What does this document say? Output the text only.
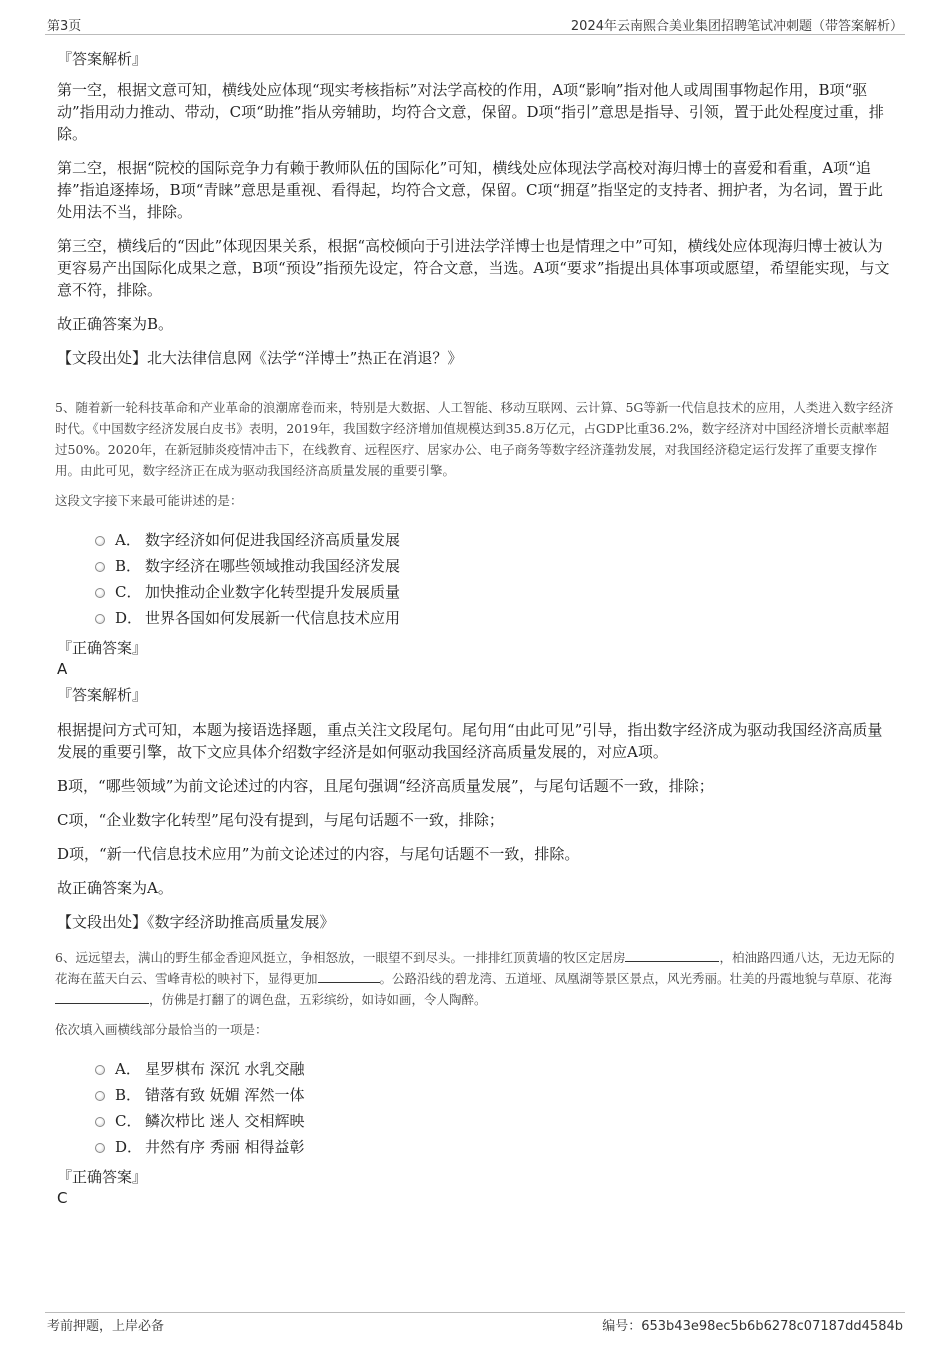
第3页	2024年云南熙合美业集团招聘笔试冲刺题（带答案解析）
『答案解析』
第一空，根据文意可知，横线处应体现“现实考核指标”对法学高校的作用，A项“影响”指对他人或周围事物起作用，B项“驱动”指用动力推动、带动，C项“助推”指从旁辅助，均符合文意，保留。D项“指引”意思是指导、引领，置于此处程度过重，排除。
第二空，根据“院校的国际竞争力有赖于教师队伍的国际化”可知，横线处应体现法学高校对海归博士的喜爱和看重，A项“追捧”指追逐捧场，B项“青睐”意思是重视、看得起，均符合文意，保留。C项“拥趸”指坚定的支持者、拥护者，为名词，置于此处用法不当，排除。
第三空，横线后的“因此”体现因果关系，根据“高校倾向于引进法学洋博士也是情理之中”可知，横线处应体现海归博士被认为更容易产出国际化成果之意，B项“预设”指预先设定，符合文意，当选。A项“要求”指提出具体事项或愿望，希望能实现，与文意不符，排除。
故正确答案为B。
【文段出处】北大法律信息网《法学“洋博士”热正在消退？》
5、随着新一轮科技革命和产业革命的浪潮席卷而来，特别是大数据、人工智能、移动互联网、云计算、5G等新一代信息技术的应用，人类进入数字经济时代。《中国数字经济发展白皮书》表明，2019年，我国数字经济增加值规模达到35.8万亿元，占GDP比重36.2%，数字经济对中国经济增长贡献率超过50%。2020年，在新冠肺炎疫情冲击下，在线教育、远程医疗、居家办公、电子商务等数字经济蓬勃发展，对我国经济稳定运行发挥了重要支撑作用。由此可见，数字经济正在成为驱动我国经济高质量发展的重要引擎。
这段文字接下来最可能讲述的是：
A． 数字经济如何促进我国经济高质量发展
B． 数字经济在哪些领域推动我国经济发展
C． 加快推动企业数字化转型提升发展质量
D． 世界各国如何发展新一代信息技术应用
『正确答案』
A
『答案解析』
根据提问方式可知，本题为接语选择题，重点关注文段尾句。尾句用“由此可见”引导，指出数字经济成为驱动我国经济高质量发展的重要引擎，故下文应具体介绍数字经济是如何驱动我国经济高质量发展的，对应A项。
B项，“哪些领域”为前文论述过的内容，且尾句强调“经济高质量发展”，与尾句话题不一致，排除；
C项，“企业数字化转型”尾句没有提到，与尾句话题不一致，排除；
D项，“新一代信息技术应用”为前文论述过的内容，与尾句话题不一致，排除。
故正确答案为A。
【文段出处】《数字经济助推高质量发展》
6、远远望去，满山的野生郁金香迎风挺立，争相怒放，一眼望不到尽头。一排排红顶黄墙的牧区定居房	，柏油路四通八达，无边无际的花海在蓝天白云、雪峰青松的映衬下，显得更加	。公路沿线的碧龙湾、五道垭、凤凰湖等景区景点，风光秀丽。壮美的丹霞地貌与草原、花海，仿佛是打翻了的调色盘，五彩缤纷，如诗如画，令人陶醉。
依次填入画横线部分最恰当的一项是：
A． 星罗棋布 深沉 水乳交融
B． 错落有致 妩媚 浑然一体
C． 鳞次栉比 迷人 交相辉映
D． 井然有序 秀丽 相得益彰
『正确答案』
C
考前押题，上岸必备	编号：653b43e98ec5b6b6278c07187dd4584b
